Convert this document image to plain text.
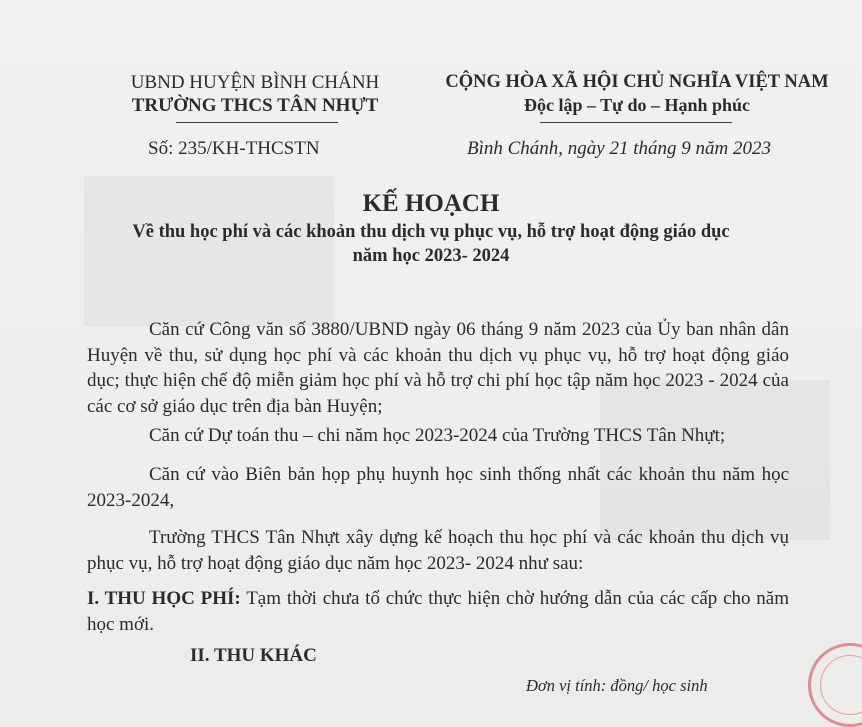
UBND HUYỆN BÌNH CHÁNH
TRƯỜNG THCS TÂN NHỰT
CỘNG HÒA XÃ HỘI CHỦ NGHĨA VIỆT NAM
Độc lập – Tự do – Hạnh phúc
Số: 235/KH-THCSTN	Bình Chánh, ngày 21 tháng 9 năm 2023
KẾ HOẠCH
Về thu học phí và các khoản thu dịch vụ phục vụ, hỗ trợ hoạt động giáo dục
năm học 2023- 2024
Căn cứ Công văn số 3880/UBND ngày 06 tháng 9 năm 2023 của Ủy ban nhân dân Huyện về thu, sử dụng học phí và các khoản thu dịch vụ phục vụ, hỗ trợ hoạt động giáo dục; thực hiện chế độ miễn giảm học phí và hỗ trợ chi phí học tập năm học 2023 - 2024 của các cơ sở giáo dục trên địa bàn Huyện;
Căn cứ Dự toán thu – chi năm học 2023-2024 của Trường THCS Tân Nhựt;
Căn cứ vào Biên bản họp phụ huynh học sinh thống nhất các khoản thu năm học 2023-2024,
Trường THCS Tân Nhựt xây dựng kế hoạch thu học phí và các khoản thu dịch vụ phục vụ, hỗ trợ hoạt động giáo dục năm học 2023- 2024 như sau:
I. THU HỌC PHÍ: Tạm thời chưa tổ chức thực hiện chờ hướng dẫn của các cấp cho năm học mới.
II. THU KHÁC
Đơn vị tính: đồng/ học sinh
